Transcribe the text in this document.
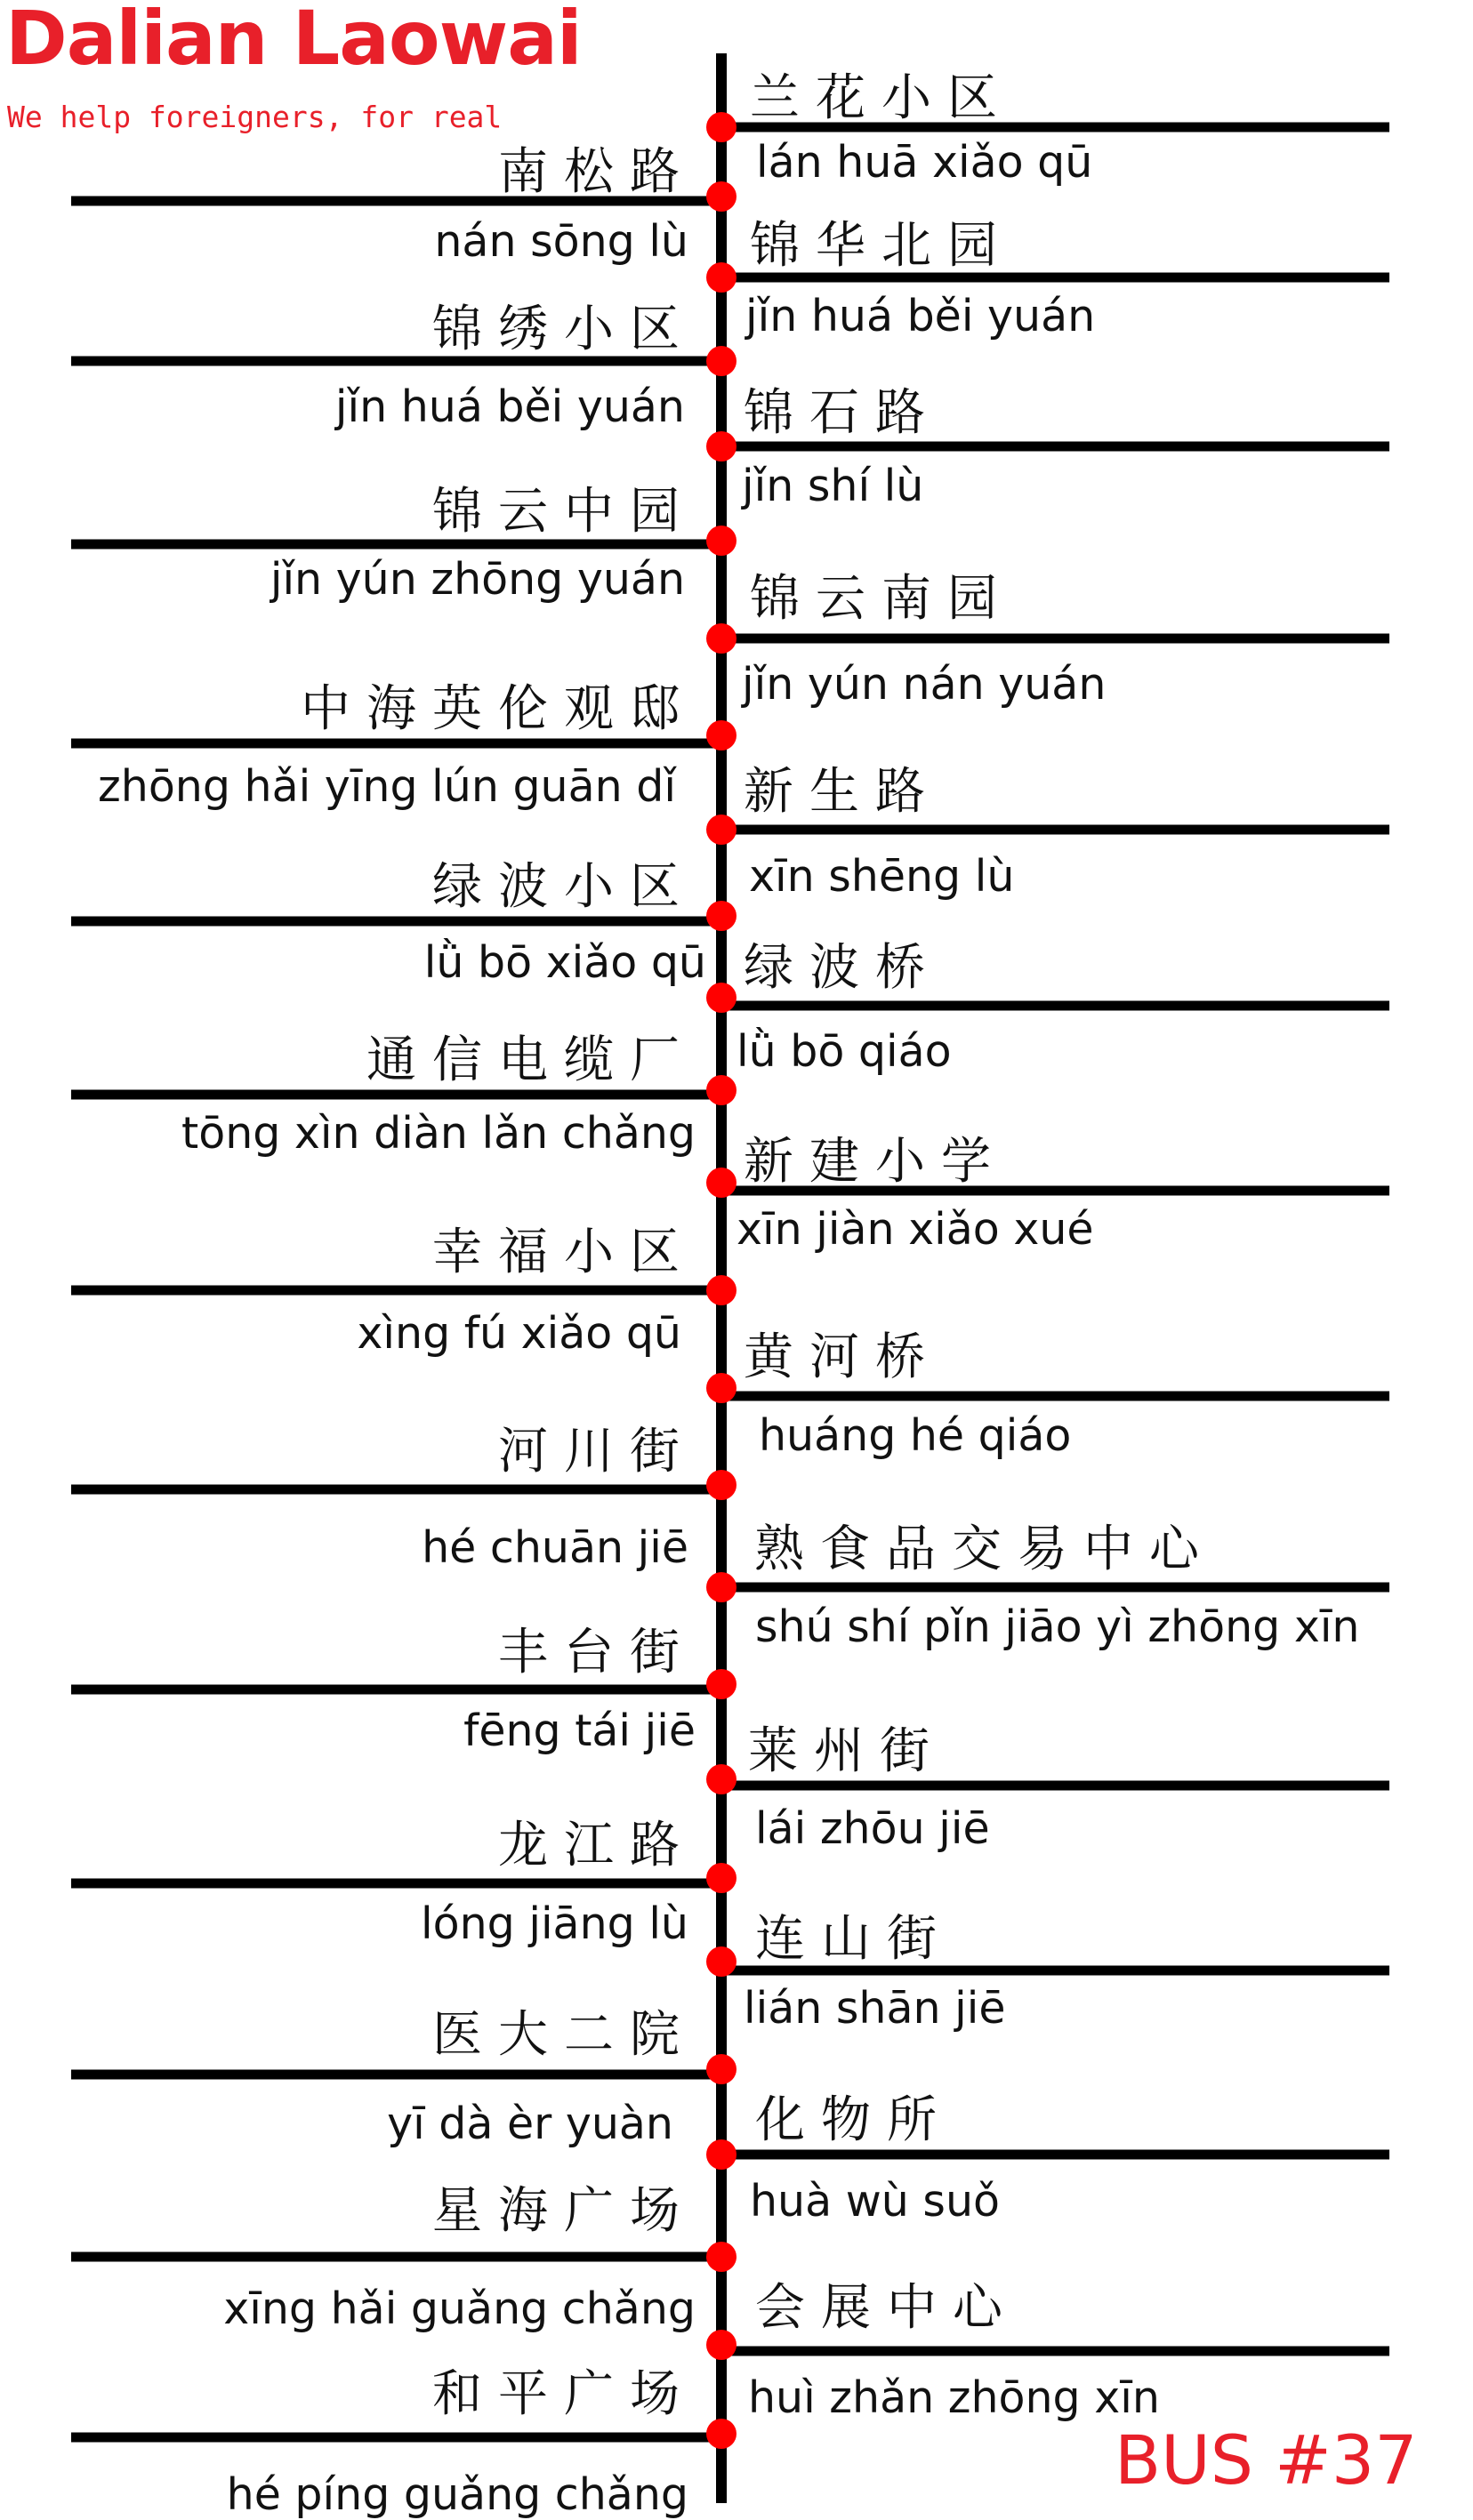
Dalian Laowai
We help foreigners, for real
BUS #37
兰花小区
lán huā xiǎo qū
南松路
nán sōng lù 锦华北园
jǐn huá běi yuán
锦绣小区
jǐn huá běi yuán 锦石路
jǐn shí lù
锦云中园
jǐn yún zhōng yuán 锦云南园
jǐn yún nán yuán
中海英伦观邸
zhōng hǎi yīng lún guān dǐ 新生路
xīn shēng lù
绿波小区
lǜ bō xiǎo qū 绿波桥
lǜ bō qiáo
通信电缆厂
tōng xìn diàn lǎn chǎng 新建小学
xīn jiàn xiǎo xué
幸福小区
xìng fú xiǎo qū 黄河桥
huáng hé qiáo
河川街
hé chuān jiē 熟食品交易中心
shú shí pǐn jiāo yì zhōng xīn
丰台街
fēng tái jiē 莱州街
lái zhōu jiē
龙江路
lóng jiāng lù 连山街
lián shān jiē
医大二院
yī dà èr yuàn 化物所
huà wù suǒ
星海广场
xīng hǎi guǎng chǎng 会展中心
huì zhǎn zhōng xīn
和平广场
hé píng guǎng chǎng
